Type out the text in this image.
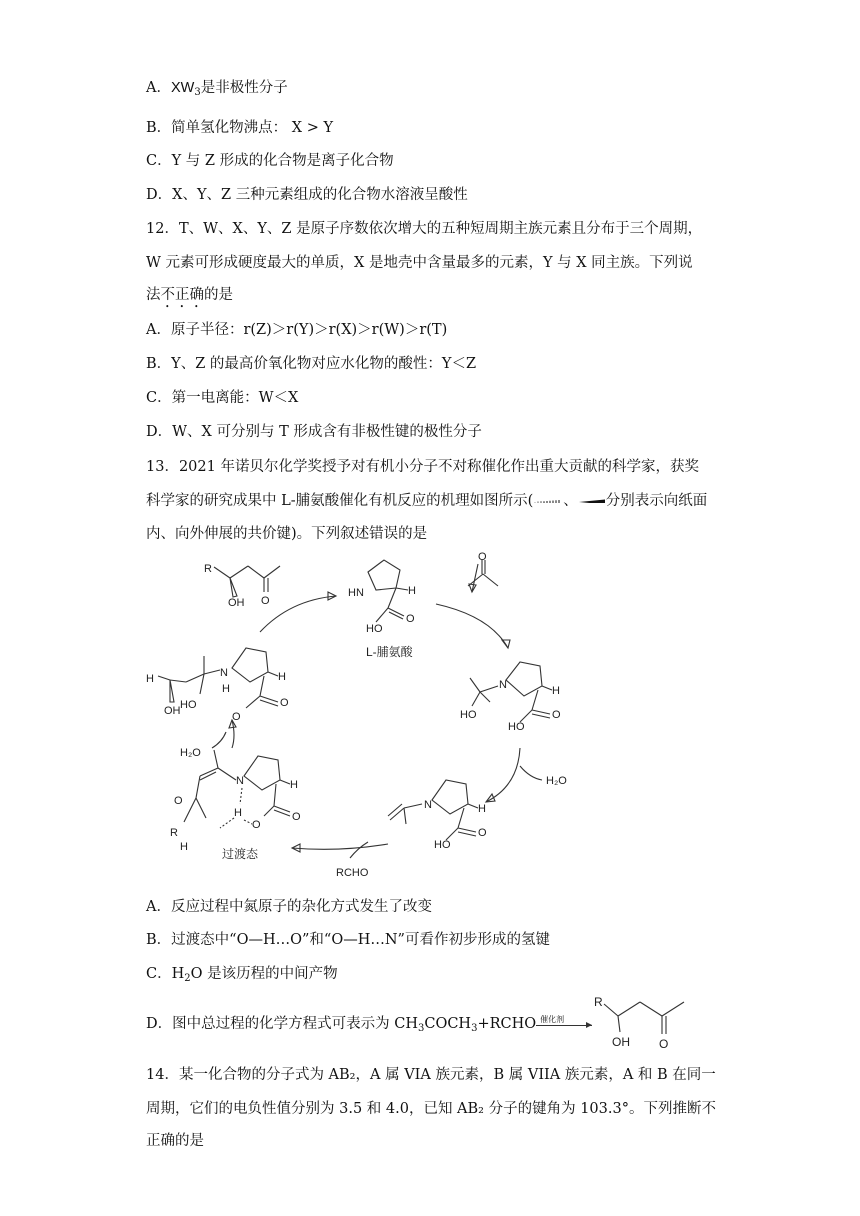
A．$XW_3$是非极性分子
B．简单氢化物沸点： X > Y
C．Y 与 Z 形成的化合物是离子化合物
D．X、Y、Z 三种元素组成的化合物水溶液呈酸性
12．T、W、X、Y、Z 是原子序数依次增大的五种短周期主族元素且分布于三个周期，
W 元素可形成硬度最大的单质，X 是地壳中含量最多的元素，Y 与 X 同主族。下列说
法不正确的是
A．原子半径：r(Z)＞r(Y)＞r(X)＞r(W)＞r(T)
B．Y、Z 的最高价氧化物对应水化物的酸性：Y＜Z
C．第一电离能：W＜X
D．W、X 可分别与 T 形成含有非极性键的极性分子
13．2021 年诺贝尔化学奖授予对有机小分子不对称催化作出重大贡献的科学家，获奖
科学家的研究成果中 L-脯氨酸催化有机反应的机理如图所示( 、 分别表示向纸面
内、向外伸展的共价键)。下列叙述错误的是
R
OH O
HN	H
O
HO
L-脯氨酸
O
N	H
O
HO
HO
N	H
O
HO
N	H
O
O
H
R
H
O
过渡态
N
H
H
O
O
HO
OH
H
H₂O
RCHO
H₂O
A．反应过程中氮原子的杂化方式发生了改变
B．过渡态中“O—H…O”和“O—H…N”可看作初步形成的氢键
C．$H_2O$ 是该历程的中间产物
D．图中总过程的化学方程式可表示为 $CH_3COCH_3+RCHO$ 催化剂
R
OH O
14．某一化合物的分子式为 AB₂，A 属 VIA 族元素，B 属 VIIA 族元素，A 和 B 在同一
周期，它们的电负性值分别为 3.5 和 4.0，已知 AB₂ 分子的键角为 103.3°。下列推断不
正确的是
